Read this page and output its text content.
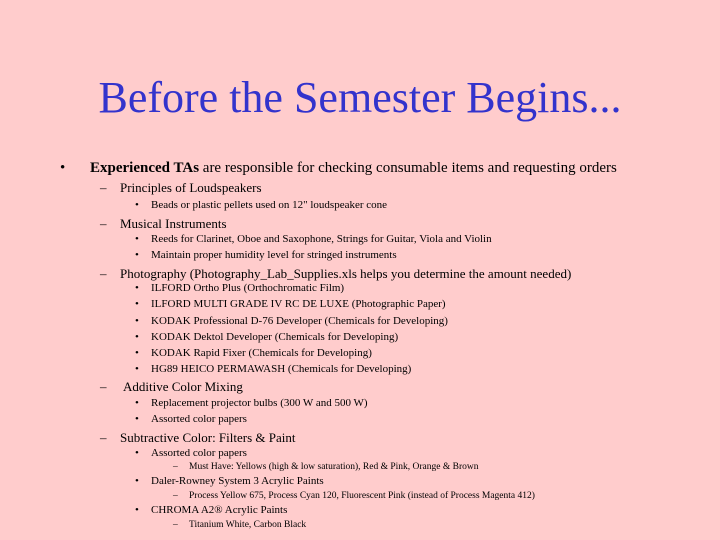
Before the Semester Begins...
• Experienced TAs are responsible for checking consumable items and requesting orders
– Principles of Loudspeakers
• Beads or plastic pellets used on 12" loudspeaker cone
– Musical Instruments
• Reeds for Clarinet, Oboe and Saxophone, Strings for Guitar, Viola and Violin
• Maintain proper humidity level for stringed instruments
– Photography (Photography_Lab_Supplies.xls helps you determine the amount needed)
• ILFORD Ortho Plus (Orthochromatic Film)
• ILFORD MULTI GRADE IV RC DE LUXE (Photographic Paper)
• KODAK Professional D-76 Developer (Chemicals for Developing)
• KODAK Dektol Developer (Chemicals for Developing)
• KODAK Rapid Fixer (Chemicals for Developing)
• HG89 HEICO PERMAWASH (Chemicals for Developing)
– Additive Color Mixing
• Replacement projector bulbs (300 W and 500 W)
• Assorted color papers
– Subtractive Color: Filters & Paint
• Assorted color papers
– Must Have: Yellows (high & low saturation), Red & Pink, Orange & Brown
• Daler-Rowney System 3 Acrylic Paints
– Process Yellow 675, Process Cyan 120, Fluorescent Pink (instead of Process Magenta 412)
• CHROMA A2® Acrylic Paints
– Titanium White, Carbon Black
